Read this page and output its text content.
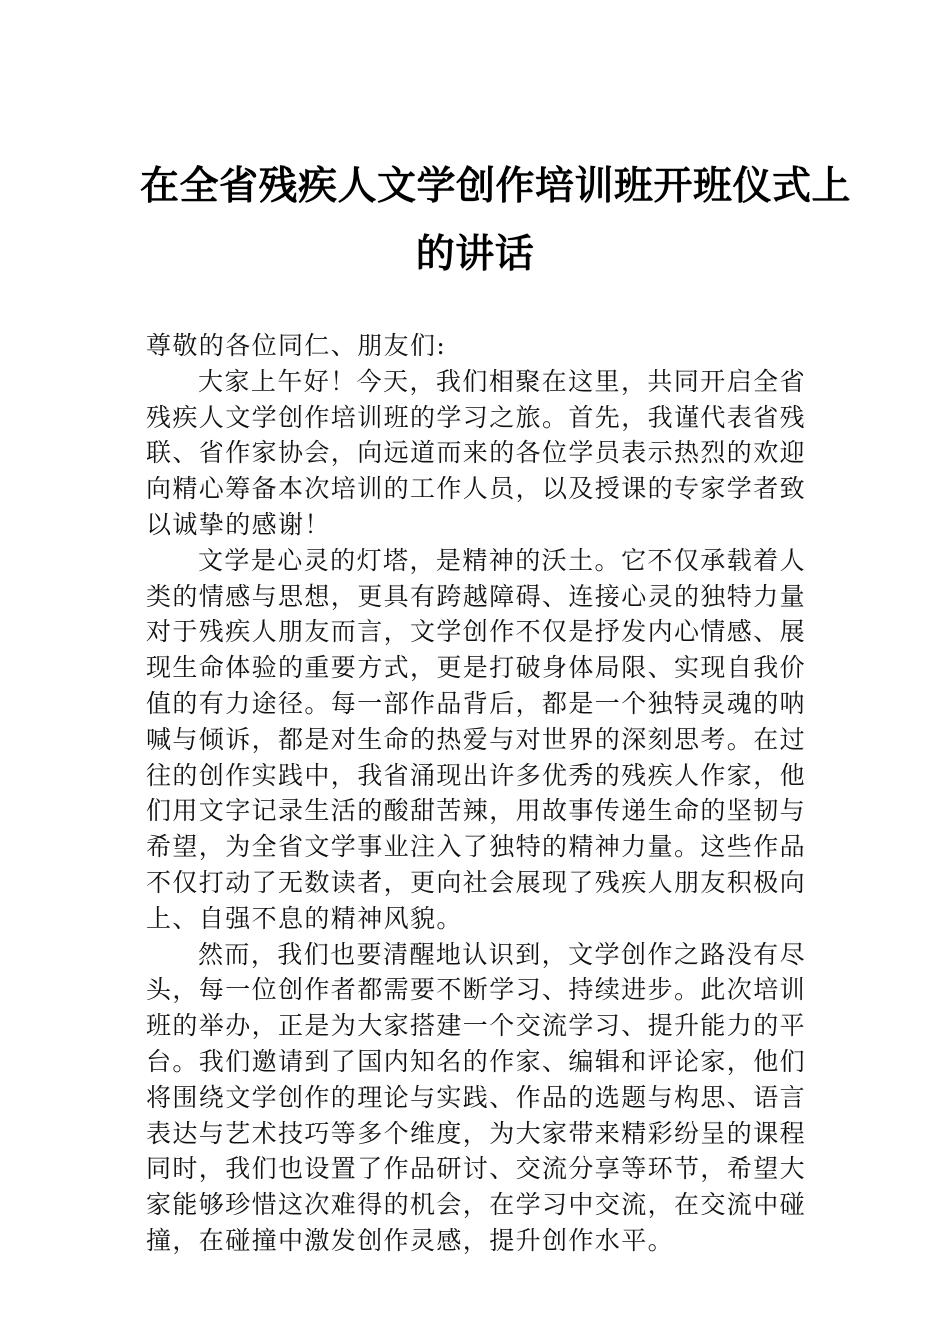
在全省残疾人文学创作培训班开班仪式上
的讲话
尊敬的各位同仁、朋友们:
大家上午好！今天，我们相聚在这里，共同开启全省
残疾人文学创作培训班的学习之旅。首先，我谨代表省残
联、省作家协会，向远道而来的各位学员表示热烈的欢迎
向精心筹备本次培训的工作人员，以及授课的专家学者致
以诚挚的感谢！
文学是心灵的灯塔，是精神的沃土。它不仅承载着人
类的情感与思想，更具有跨越障碍、连接心灵的独特力量
对于残疾人朋友而言，文学创作不仅是抒发内心情感、展
现生命体验的重要方式，更是打破身体局限、实现自我价
值的有力途径。每一部作品背后，都是一个独特灵魂的呐
喊与倾诉，都是对生命的热爱与对世界的深刻思考。在过
往的创作实践中，我省涌现出许多优秀的残疾人作家，他
们用文字记录生活的酸甜苦辣，用故事传递生命的坚韧与
希望，为全省文学事业注入了独特的精神力量。这些作品
不仅打动了无数读者，更向社会展现了残疾人朋友积极向
上、自强不息的精神风貌。
然而，我们也要清醒地认识到，文学创作之路没有尽
头，每一位创作者都需要不断学习、持续进步。此次培训
班的举办，正是为大家搭建一个交流学习、提升能力的平
台。我们邀请到了国内知名的作家、编辑和评论家，他们
将围绕文学创作的理论与实践、作品的选题与构思、语言
表达与艺术技巧等多个维度，为大家带来精彩纷呈的课程
同时，我们也设置了作品研讨、交流分享等环节，希望大
家能够珍惜这次难得的机会，在学习中交流，在交流中碰
撞，在碰撞中激发创作灵感，提升创作水平。
